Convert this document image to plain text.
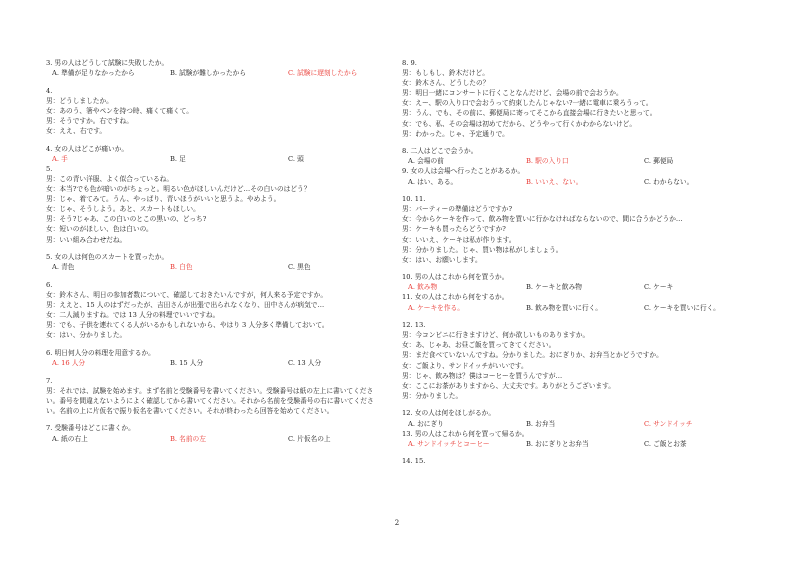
3. 男の人はどうして試験に失敗したか。
A. 準備が足りなかったから	B. 試験が難しかったから	C. 試験に遅刻したから
4.
男：どうしましたか。
女：あのう、箸やペンを持つ時、痛くて痛くて。
男：そうですか。右ですね。
女：ええ、右です。
4. 女の人はどこが痛いか。
A. 手	B. 足	C. 頭
5.
男：この青い洋服、よく似合っているね。
女：本当?でも色が暗いのがちょっと。明るい色がほしいんだけど…その白いのはどう？
男：じゃ、着てみて。うん、やっぱり、青いほうがいいと思うよ。やめよう。
女：じゃ、そうしよう。あと、スカートもほしい。
男：そう?じゃあ、この白いのとこの黒いの、どっち?
女：短いのがほしい、色は白いの。
男：いい組み合わせだね。
5. 女の人は何色のスカートを買ったか。
A. 青色	B. 白色	C. 黒色
6.
女：鈴木さん、明日の参加者数について、確認しておきたいんですが，何人来る予定ですか。
男：ええと、15 人のはずだったが、吉田さんが出張で出られなくなり、田中さんが病気で…
女：二人減りますね。では 13 人分の料理でいいですね。
男：でも、子供を連れてくる人がいるかもしれないから、やはり 3 人分多く準備しておいて。
女：はい、分かりました。
6. 明日何人分の料理を用意するか。
A. 16 人分	B. 15 人分	C. 13 人分
7.
男：それでは、試験を始めます。まず名前と受験番号を書いてください。受験番号は紙の左上に書いてくださ
い。番号を間違えないようによく確認してから書いてください。それから名前を受験番号の右に書いてくださ
い。名前の上に片仮名で振り仮名を書いてください。それが終わったら回答を始めてください。
7. 受験番号はどこに書くか。
A. 紙の右上	B. 名前の左	C. 片仮名の上
8. 9.
男：もしもし、鈴木だけど。
女：鈴木さん、どうしたの？
男：明日一緒にコンサートに行くことなんだけど、会場の前で会おうか。
女：えー、駅の入り口で会おうって約束したんじゃない?一緒に電車に乗ろうって。
男：うん、でも、その前に、郵便局に寄ってそこから直接会場に行きたいと思って。
女：でも、私、その会場は初めてだから、どうやって行くかわからないけど。
男：わかった。じゃ、予定通りで。
8. 二人はどこで会うか。
A. 会場の前	B. 駅の入り口	C. 郵便局
9. 女の人は会場へ行ったことがあるか。
A. はい、ある。	B. いいえ、ない。	C. わからない。
10. 11.
男：パーティーの準備はどうですか?
女：今からケーキを作って、飲み物を買いに行かなければならないので、間に合うかどうか…
男：ケーキも買ったらどうですか?
女：いいえ、ケーキは私が作ります。
男：分かりました。じゃ、買い物は私がしましょう。
女：はい、お願いします。
10. 男の人はこれから何を買うか。
A. 飲み物	B. ケーキと飲み物	C. ケーキ
11. 女の人はこれから何をするか。
A. ケーキを作る。	B. 飲み物を買いに行く。	C. ケーキを買いに行く。
12. 13.
男：今コンビニに行きますけど、何か欲しいものありますか。
女：あ、じゃあ、お昼ご飯を買ってきてください。
男：まだ食べていないんですね。分かりました。おにぎりか、お弁当とかどうですか。
女：ご飯より、サンドイッチがいいです。
男：じゃ、飲み物は？僕はコーヒーを買うんですが…
女：ここにお茶がありますから、大丈夫です。ありがとうございます。
男：分かりました。
12. 女の人は何をほしがるか。
A. おにぎり	B. お弁当	C. サンドイッチ
13. 男の人はこれから何を買って帰るか。
A. サンドイッチとコーヒー	B. おにぎりとお弁当	C. ご飯とお茶
14. 15.
2
